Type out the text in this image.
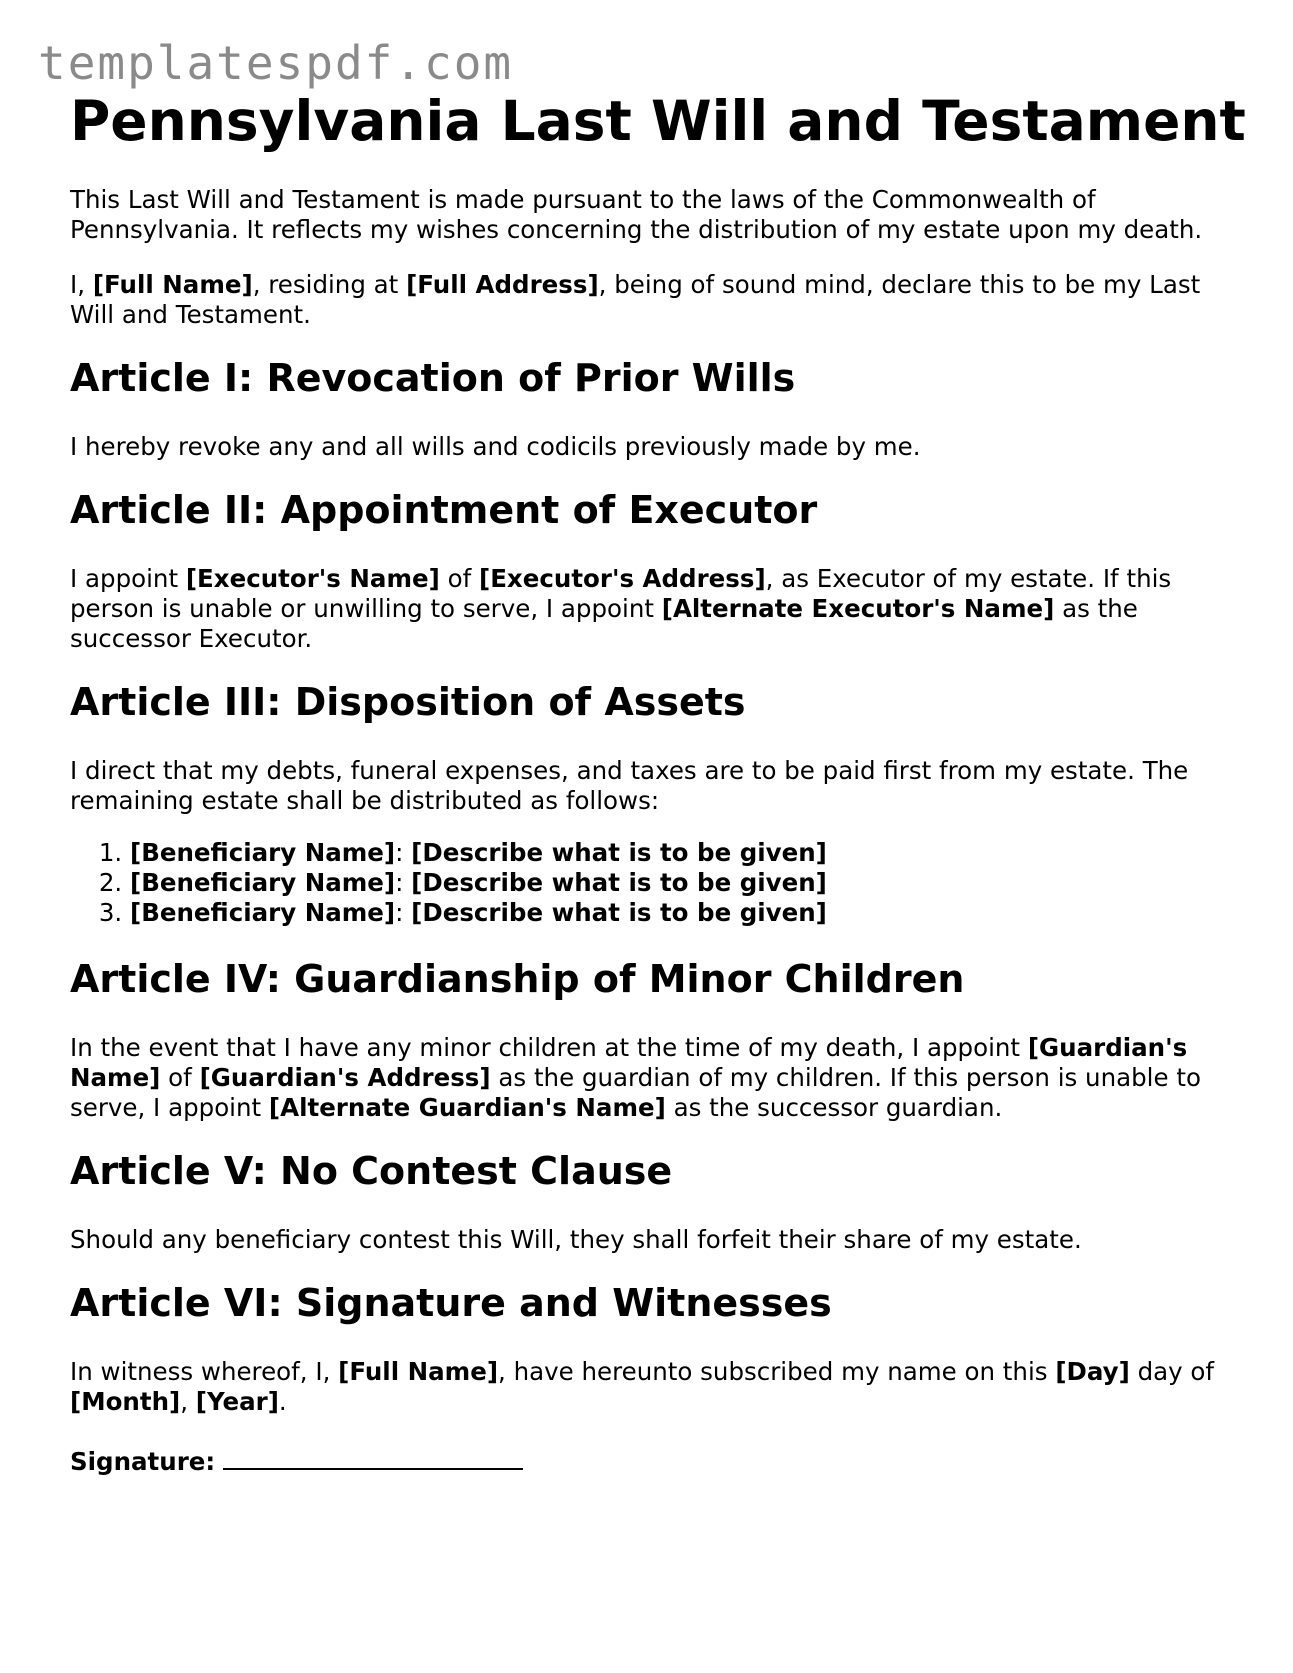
templatespdf.com
Pennsylvania Last Will and Testament

This Last Will and Testament is made pursuant to the laws of the Commonwealth of Pennsylvania. It reflects my wishes concerning the distribution of my estate upon my death.

I, [Full Name], residing at [Full Address], being of sound mind, declare this to be my Last Will and Testament.

Article I: Revocation of Prior Wills

I hereby revoke any and all wills and codicils previously made by me.

Article II: Appointment of Executor

I appoint [Executor's Name] of [Executor's Address], as Executor of my estate. If this person is unable or unwilling to serve, I appoint [Alternate Executor's Name] as the successor Executor.

Article III: Disposition of Assets

I direct that my debts, funeral expenses, and taxes are to be paid first from my estate. The remaining estate shall be distributed as follows:

1. [Beneficiary Name]: [Describe what is to be given]
2. [Beneficiary Name]: [Describe what is to be given]
3. [Beneficiary Name]: [Describe what is to be given]
Article IV: Guardianship of Minor Children

In the event that I have any minor children at the time of my death, I appoint [Guardian's Name] of [Guardian's Address] as the guardian of my children. If this person is unable to serve, I appoint [Alternate Guardian's Name] as the successor guardian.

Article V: No Contest Clause

Should any beneficiary contest this Will, they shall forfeit their share of my estate.

Article VI: Signature and Witnesses

In witness whereof, I, [Full Name], have hereunto subscribed my name on this [Day] day of [Month], [Year].

Signature:
